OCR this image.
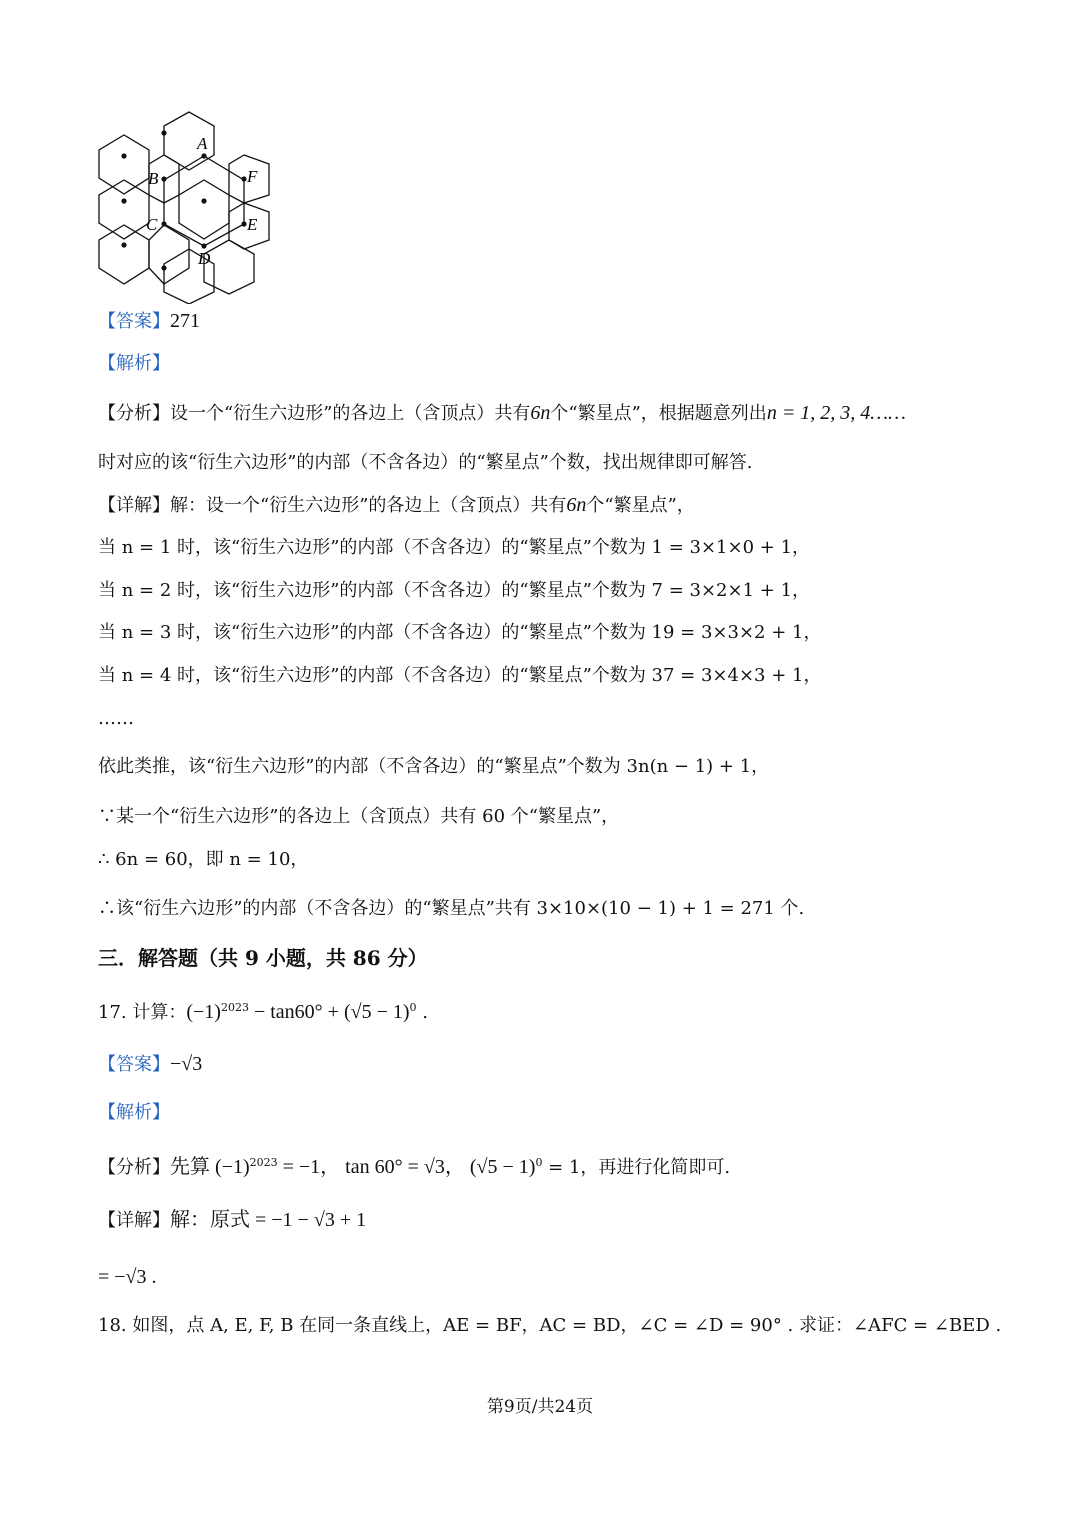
A
B	F
C	E
D
【答案】271
【解析】
【分析】设一个“衍生六边形”的各边上（含顶点）共有6n个“繁星点”，根据题意列出n = 1, 2, 3, 4……
时对应的该“衍生六边形”的内部（不含各边）的“繁星点”个数，找出规律即可解答.
【详解】解：设一个“衍生六边形”的各边上（含顶点）共有6n个“繁星点”，
当 n = 1 时，该“衍生六边形”的内部（不含各边）的“繁星点”个数为 1 = 3×1×0 + 1，
当 n = 2 时，该“衍生六边形”的内部（不含各边）的“繁星点”个数为 7 = 3×2×1 + 1，
当 n = 3 时，该“衍生六边形”的内部（不含各边）的“繁星点”个数为 19 = 3×3×2 + 1，
当 n = 4 时，该“衍生六边形”的内部（不含各边）的“繁星点”个数为 37 = 3×4×3 + 1，
……
依此类推，该“衍生六边形”的内部（不含各边）的“繁星点”个数为 3n(n − 1) + 1，
∵某一个“衍生六边形”的各边上（含顶点）共有 60 个“繁星点”，
∴ 6n = 60，即 n = 10，
∴该“衍生六边形”的内部（不含各边）的“繁星点”共有 3×10×(10 − 1) + 1 = 271 个.
三．解答题（共 9 小题，共 86 分）
17. 计算：$(-1)^{2023} - \tan 60^\circ + (√5 - 1)^0$ .
【答案】−√3
【解析】
【分析】先算 $(-1)^{2023} = -1$， tan 60° = √3， $(√5 - 1)^0 = 1$，再进行化简即可.
【详解】解：原式 = −1 − √3 + 1
= −√3 .
18. 如图，点 A, E, F, B 在同一条直线上，AE = BF，AC = BD，∠C = ∠D = 90° . 求证：∠AFC = ∠BED .
第9页/共24页
